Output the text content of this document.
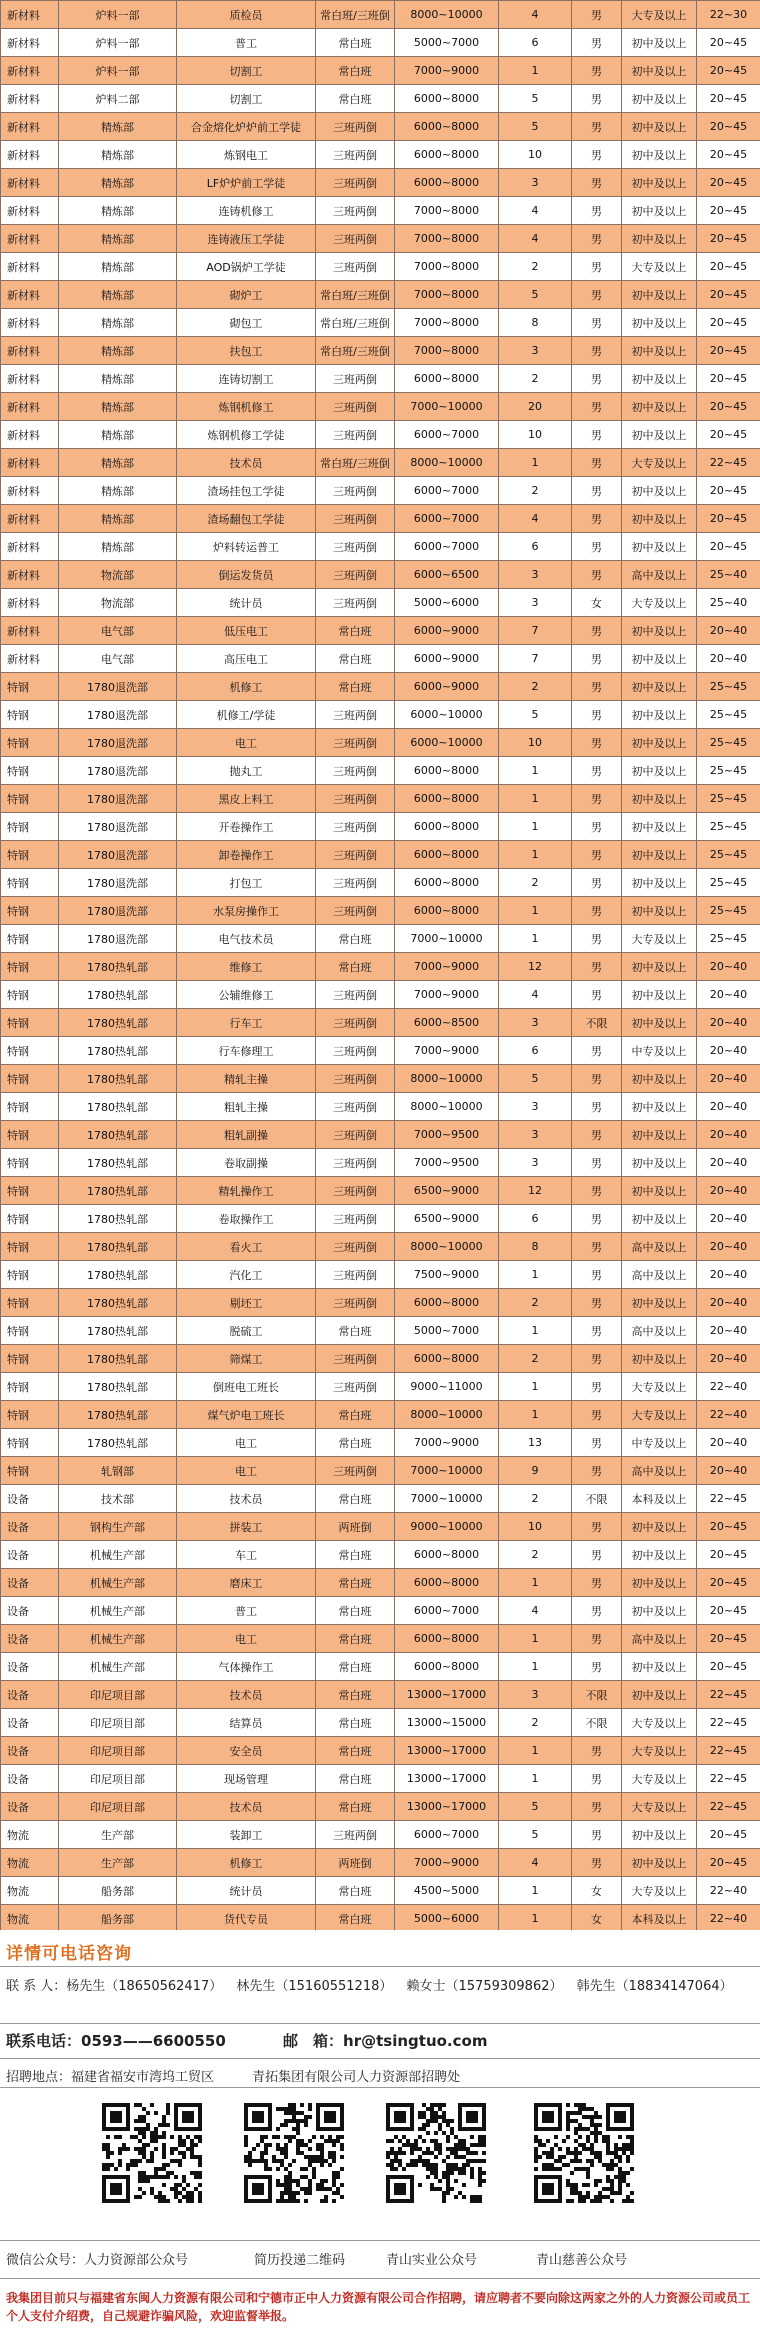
新材料	炉料一部	质检员	常白班/三班倒	8000~10000	4	男	大专及以上	22~30
新材料	炉料一部	普工	常白班	5000~7000	6	男	初中及以上	20~45
新材料	炉料一部	切割工	常白班	7000~9000	1	男	初中及以上	20~45
新材料	炉料二部	切割工	常白班	6000~8000	5	男	初中及以上	20~45
新材料	精炼部	合金熔化炉炉前工学徒	三班两倒	6000~8000	5	男	初中及以上	20~45
新材料	精炼部	炼钢电工	三班两倒	6000~8000	10	男	初中及以上	20~45
新材料	精炼部	LF炉炉前工学徒	三班两倒	6000~8000	3	男	初中及以上	20~45
新材料	精炼部	连铸机修工	三班两倒	7000~8000	4	男	初中及以上	20~45
新材料	精炼部	连铸液压工学徒	三班两倒	7000~8000	4	男	初中及以上	20~45
新材料	精炼部	AOD锅炉工学徒	三班两倒	7000~8000	2	男	大专及以上	20~45
新材料	精炼部	砌炉工	常白班/三班倒	7000~8000	5	男	初中及以上	20~45
新材料	精炼部	砌包工	常白班/三班倒	7000~8000	8	男	初中及以上	20~45
新材料	精炼部	扶包工	常白班/三班倒	7000~8000	3	男	初中及以上	20~45
新材料	精炼部	连铸切割工	三班两倒	6000~8000	2	男	初中及以上	20~45
新材料	精炼部	炼钢机修工	三班两倒	7000~10000	20	男	初中及以上	20~45
新材料	精炼部	炼钢机修工学徒	三班两倒	6000~7000	10	男	初中及以上	20~45
新材料	精炼部	技术员	常白班/三班倒	8000~10000	1	男	大专及以上	22~45
新材料	精炼部	渣场挂包工学徒	三班两倒	6000~7000	2	男	初中及以上	20~45
新材料	精炼部	渣场翻包工学徒	三班两倒	6000~7000	4	男	初中及以上	20~45
新材料	精炼部	炉料转运普工	三班两倒	6000~7000	6	男	初中及以上	20~45
新材料	物流部	倒运发货员	三班两倒	6000~6500	3	男	高中及以上	25~40
新材料	物流部	统计员	三班两倒	5000~6000	3	女	大专及以上	25~40
新材料	电气部	低压电工	常白班	6000~9000	7	男	初中及以上	20~40
新材料	电气部	高压电工	常白班	6000~9000	7	男	初中及以上	20~40
特钢	1780退洗部	机修工	常白班	6000~9000	2	男	初中及以上	25~45
特钢	1780退洗部	机修工/学徒	三班两倒	6000~10000	5	男	初中及以上	25~45
特钢	1780退洗部	电工	三班两倒	6000~10000	10	男	初中及以上	25~45
特钢	1780退洗部	抛丸工	三班两倒	6000~8000	1	男	初中及以上	25~45
特钢	1780退洗部	黑皮上料工	三班两倒	6000~8000	1	男	初中及以上	25~45
特钢	1780退洗部	开卷操作工	三班两倒	6000~8000	1	男	初中及以上	25~45
特钢	1780退洗部	卸卷操作工	三班两倒	6000~8000	1	男	初中及以上	25~45
特钢	1780退洗部	打包工	三班两倒	6000~8000	2	男	初中及以上	25~45
特钢	1780退洗部	水泵房操作工	三班两倒	6000~8000	1	男	初中及以上	25~45
特钢	1780退洗部	电气技术员	常白班	7000~10000	1	男	大专及以上	25~45
特钢	1780热轧部	维修工	常白班	7000~9000	12	男	初中及以上	20~40
特钢	1780热轧部	公辅维修工	三班两倒	7000~9000	4	男	初中及以上	20~40
特钢	1780热轧部	行车工	三班两倒	6000~8500	3	不限	初中及以上	20~40
特钢	1780热轧部	行车修理工	三班两倒	7000~9000	6	男	中专及以上	20~40
特钢	1780热轧部	精轧主操	三班两倒	8000~10000	5	男	初中及以上	20~40
特钢	1780热轧部	粗轧主操	三班两倒	8000~10000	3	男	初中及以上	20~40
特钢	1780热轧部	粗轧副操	三班两倒	7000~9500	3	男	初中及以上	20~40
特钢	1780热轧部	卷取副操	三班两倒	7000~9500	3	男	初中及以上	20~40
特钢	1780热轧部	精轧操作工	三班两倒	6500~9000	12	男	初中及以上	20~40
特钢	1780热轧部	卷取操作工	三班两倒	6500~9000	6	男	初中及以上	20~40
特钢	1780热轧部	看火工	三班两倒	8000~10000	8	男	高中及以上	20~40
特钢	1780热轧部	汽化工	三班两倒	7500~9000	1	男	高中及以上	20~40
特钢	1780热轧部	剔坯工	三班两倒	6000~8000	2	男	初中及以上	20~40
特钢	1780热轧部	脱硫工	常白班	5000~7000	1	男	高中及以上	20~40
特钢	1780热轧部	筛煤工	三班两倒	6000~8000	2	男	初中及以上	20~40
特钢	1780热轧部	倒班电工班长	三班两倒	9000~11000	1	男	大专及以上	22~40
特钢	1780热轧部	煤气炉电工班长	常白班	8000~10000	1	男	大专及以上	22~40
特钢	1780热轧部	电工	常白班	7000~9000	13	男	中专及以上	20~40
特钢	轧钢部	电工	三班两倒	7000~10000	9	男	高中及以上	20~40
设备	技术部	技术员	常白班	7000~10000	2	不限	本科及以上	22~45
设备	钢构生产部	拼装工	两班倒	9000~10000	10	男	初中及以上	20~45
设备	机械生产部	车工	常白班	6000~8000	2	男	初中及以上	20~45
设备	机械生产部	磨床工	常白班	6000~8000	1	男	初中及以上	20~45
设备	机械生产部	普工	常白班	6000~7000	4	男	初中及以上	20~45
设备	机械生产部	电工	常白班	6000~8000	1	男	高中及以上	20~45
设备	机械生产部	气体操作工	常白班	6000~8000	1	男	初中及以上	20~45
设备	印尼项目部	技术员	常白班	13000~17000	3	不限	初中及以上	22~45
设备	印尼项目部	结算员	常白班	13000~15000	2	不限	大专及以上	22~45
设备	印尼项目部	安全员	常白班	13000~17000	1	男	大专及以上	22~45
设备	印尼项目部	现场管理	常白班	13000~17000	1	男	大专及以上	22~45
设备	印尼项目部	技术员	常白班	13000~17000	5	男	大专及以上	22~45
物流	生产部	装卸工	三班两倒	6000~7000	5	男	初中及以上	20~45
物流	生产部	机修工	两班倒	7000~9000	4	男	初中及以上	20~45
物流	船务部	统计员	常白班	4500~5000	1	女	大专及以上	22~40
物流	船务部	货代专员	常白班	5000~6000	1	女	本科及以上	22~40
详情可电话咨询
联 系 人：杨先生（18650562417） 林先生（15160551218） 赖女士（15759309862） 韩先生（18834147064）
联系电话：0593——6600550	邮　箱：hr@tsingtuo.com
招聘地点：福建省福安市湾坞工贸区	青拓集团有限公司人力资源部招聘处
微信公众号：人力资源部公众号	简历投递二维码	青山实业公众号	青山慈善公众号
我集团目前只与福建省东闽人力资源有限公司和宁德市正中人力资源有限公司合作招聘，请应聘者不要向除这两家之外的人力资源公司或员工个人支付介绍费，自己规避诈骗风险，欢迎监督举报。
